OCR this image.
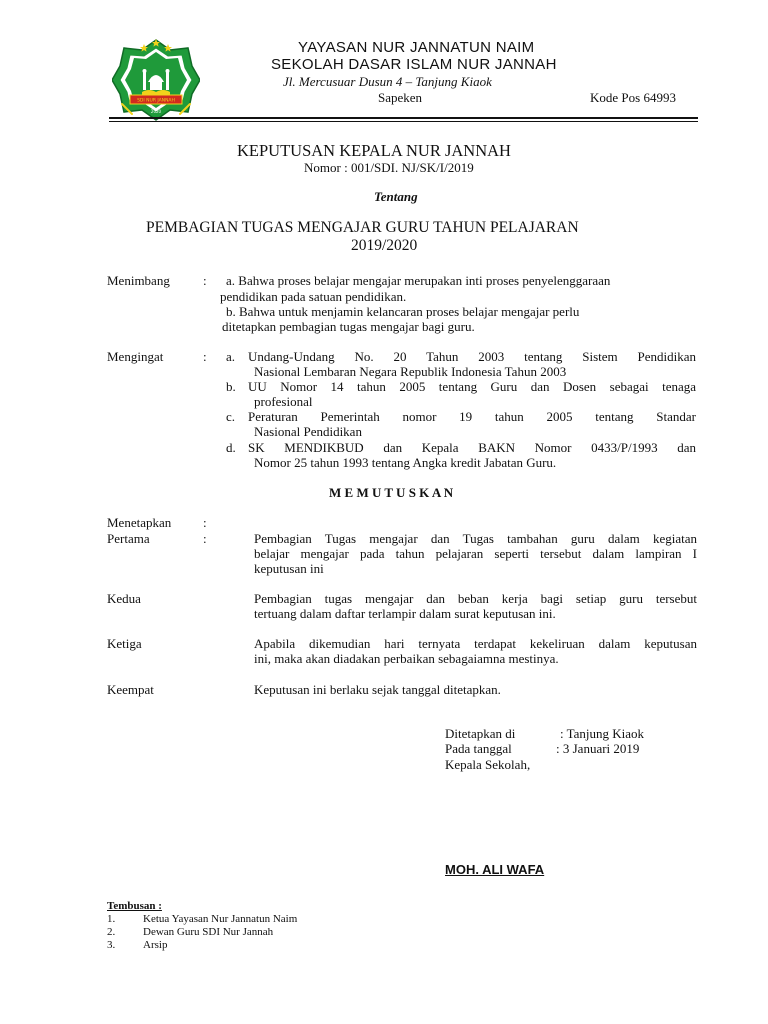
SDI NUR JANNAH
2020
YAYASAN NUR JANNATUN NAIM
SEKOLAH DASAR ISLAM NUR JANNAH
Jl. Mercusuar Dusun 4 – Tanjung Kiaok
Sapeken	Kode Pos 64993
KEPUTUSAN KEPALA NUR JANNAH
Nomor : 001/SDI. NJ/SK/I/2019
Tentang
PEMBAGIAN TUGAS MENGAJAR GURU TAHUN PELAJARAN
2019/2020
Menimbang	: a. Bahwa proses belajar mengajar merupakan inti proses penyelenggaraan
pendidikan pada satuan pendidikan.
b. Bahwa untuk menjamin kelancaran proses belajar mengajar perlu
ditetapkan pembagian tugas mengajar bagi guru.
Mengingat	: a. Undang-Undang No. 20 Tahun 2003 tentang Sistem Pendidikan
Nasional Lembaran Negara Republik Indonesia Tahun 2003
b. UU Nomor 14 tahun 2005 tentang Guru dan Dosen sebagai tenaga
profesional
c. Peraturan Pemerintah nomor 19 tahun 2005 tentang Standar
Nasional Pendidikan
d. SK MENDIKBUD dan Kepala BAKN Nomor 0433/P/1993 dan
Nomor 25 tahun 1993 tentang Angka kredit Jabatan Guru.
M E M U T U S K A N
Menetapkan :
Pertama	:	Pembagian Tugas mengajar dan Tugas tambahan guru dalam kegiatan
belajar mengajar pada tahun pelajaran seperti tersebut dalam lampiran I
keputusan ini
Kedua	Pembagian tugas mengajar dan beban kerja bagi setiap guru tersebut
tertuang dalam daftar terlampir dalam surat keputusan ini.
Ketiga	Apabila dikemudian hari ternyata terdapat kekeliruan dalam keputusan
ini, maka akan diadakan perbaikan sebagaiamna mestinya.
Keempat	Keputusan ini berlaku sejak tanggal ditetapkan.
Ditetapkan di	: Tanjung Kiaok
Pada tanggal	: 3 Januari 2019
Kepala Sekolah,
MOH. ALI WAFA
Tembusan :
1.	Ketua Yayasan Nur Jannatun Naim
2.	Dewan Guru SDI Nur Jannah
3.	Arsip
